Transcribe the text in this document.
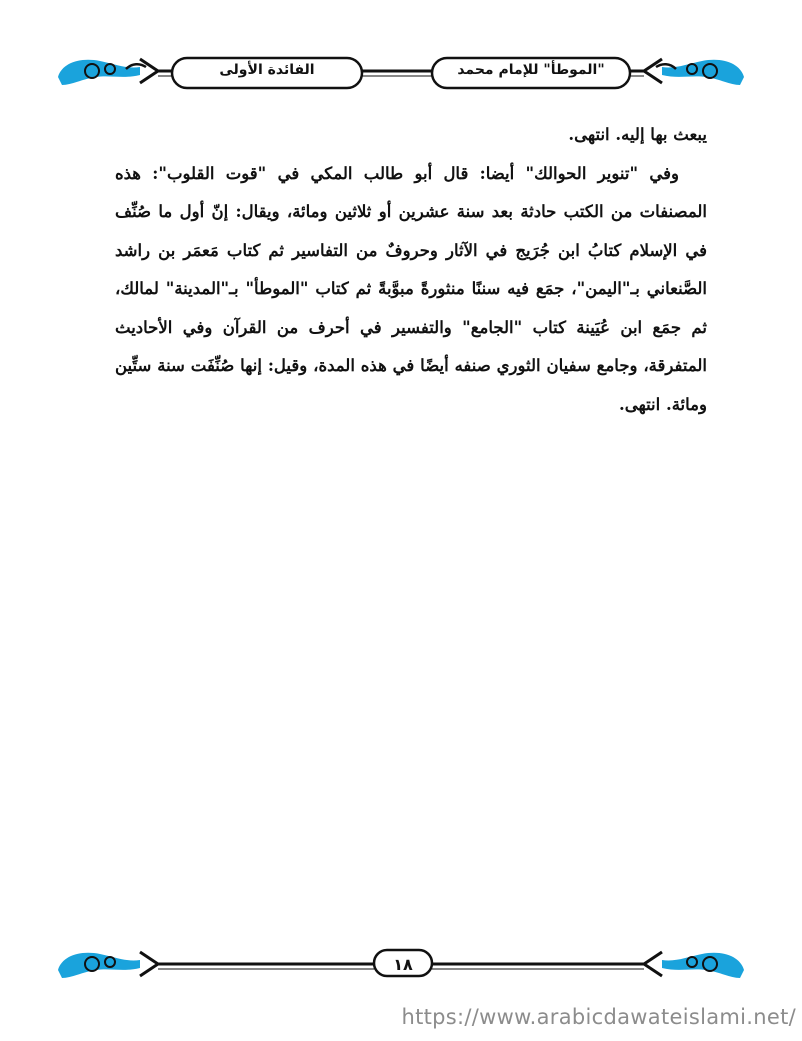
"الموطأ" للإمام محمد
الفائدة الأولى

يبعث بها إليه. انتهى.

وفي "تنوير الحوالك" أيضا: قال أبو طالب المكي في "قوت القلوب": هذه المصنفات من الكتب حادثة بعد سنة عشرين أو ثلاثين ومائة، ويقال: إنّ أول ما صُنِّف في الإسلام كتابُ ابن جُرَيج في الآثار وحروفٌ من التفاسير ثم كتاب مَعمَر بن راشد الصَّنعاني بـ"اليمن"، جمَع فيه سننًا منثورةً مبوَّبةً ثم كتاب "الموطأ" بـ"المدينة" لمالك، ثم جمَع ابن عُيَينة كتاب "الجامع" والتفسير في أحرف من القرآن وفي الأحاديث المتفرقة، وجامع سفيان الثوري صنفه أيضًا في هذه المدة، وقيل: إنها صُنِّفَت سنة ستِّين ومائة. انتهى.

١٨
https://www.arabicdawateislami.net/
